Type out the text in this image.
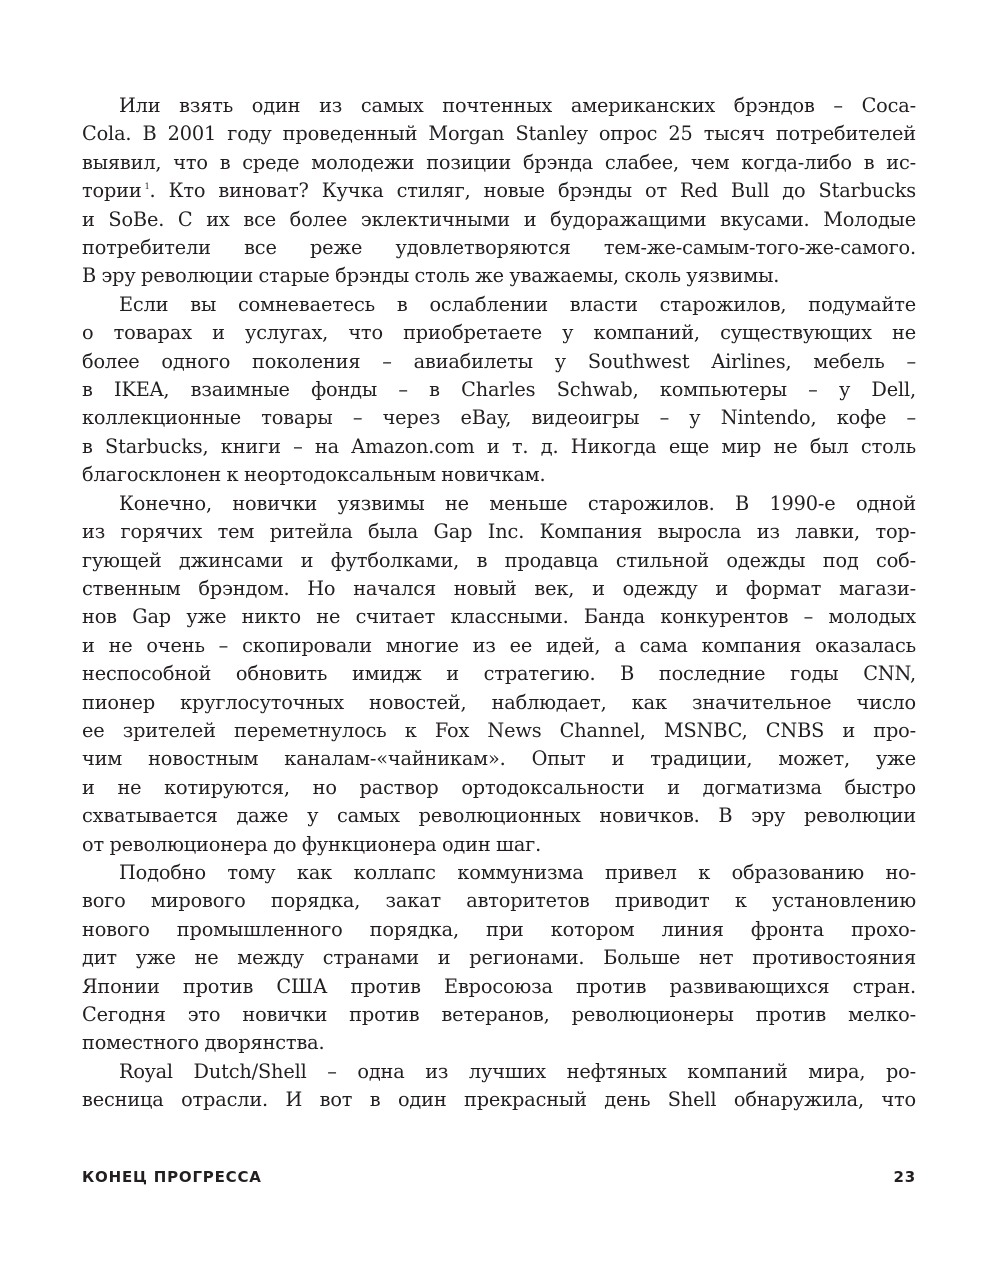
Или взять один из самых почтенных американских брэндов – Coca-
Cola. В 2001 году проведенный Morgan Stanley опрос 25 тысяч потребителей
выявил, что в среде молодежи позиции брэнда слабее, чем когда-либо в ис-
тории $^1$. Кто виноват? Кучка стиляг, новые брэнды от Red Bull до Starbucks
и SoBe. С их все более эклектичными и будоражащими вкусами. Молодые
потребители все реже удовлетворяются тем-же-самым-того-же-самого.
В эру революции старые брэнды столь же уважаемы, сколь уязвимы.
Если вы сомневаетесь в ослаблении власти старожилов, подумайте
о товарах и услугах, что приобретаете у компаний, существующих не
более одного поколения – авиабилеты у Southwest Airlines, мебель –
в IKEA, взаимные фонды – в Charles Schwab, компьютеры – у Dell,
коллекционные товары – через eBay, видеоигры – у Nintendo, кофе –
в Starbucks, книги – на Amazon.com и т. д. Никогда еще мир не был столь
благосклонен к неортодоксальным новичкам.
Конечно, новички уязвимы не меньше старожилов. В 1990-е одной
из горячих тем ритейла была Gap Inc. Компания выросла из лавки, тор-
гующей джинсами и футболками, в продавца стильной одежды под соб-
ственным брэндом. Но начался новый век, и одежду и формат магази-
нов Gap уже никто не считает классными. Банда конкурентов – молодых
и не очень – скопировали многие из ее идей, а сама компания оказалась
неспособной обновить имидж и стратегию. В последние годы CNN,
пионер круглосуточных новостей, наблюдает, как значительное число
ее зрителей переметнулось к Fox News Channel, MSNBC, CNBS и про-
чим новостным каналам-«чайникам». Опыт и традиции, может, уже
и не котируются, но раствор ортодоксальности и догматизма быстро
схватывается даже у самых революционных новичков. В эру революции
от революционера до функционера один шаг.
Подобно тому как коллапс коммунизма привел к образованию но-
вого мирового порядка, закат авторитетов приводит к установлению
нового промышленного порядка, при котором линия фронта прохо-
дит уже не между странами и регионами. Больше нет противостояния
Японии против США против Евросоюза против развивающихся стран.
Сегодня это новички против ветеранов, революционеры против мелко-
поместного дворянства.
Royal Dutch/Shell – одна из лучших нефтяных компаний мира, ро-
весница отрасли. И вот в один прекрасный день Shell обнаружила, что
КОНЕЦ ПРОГРЕССА	23
